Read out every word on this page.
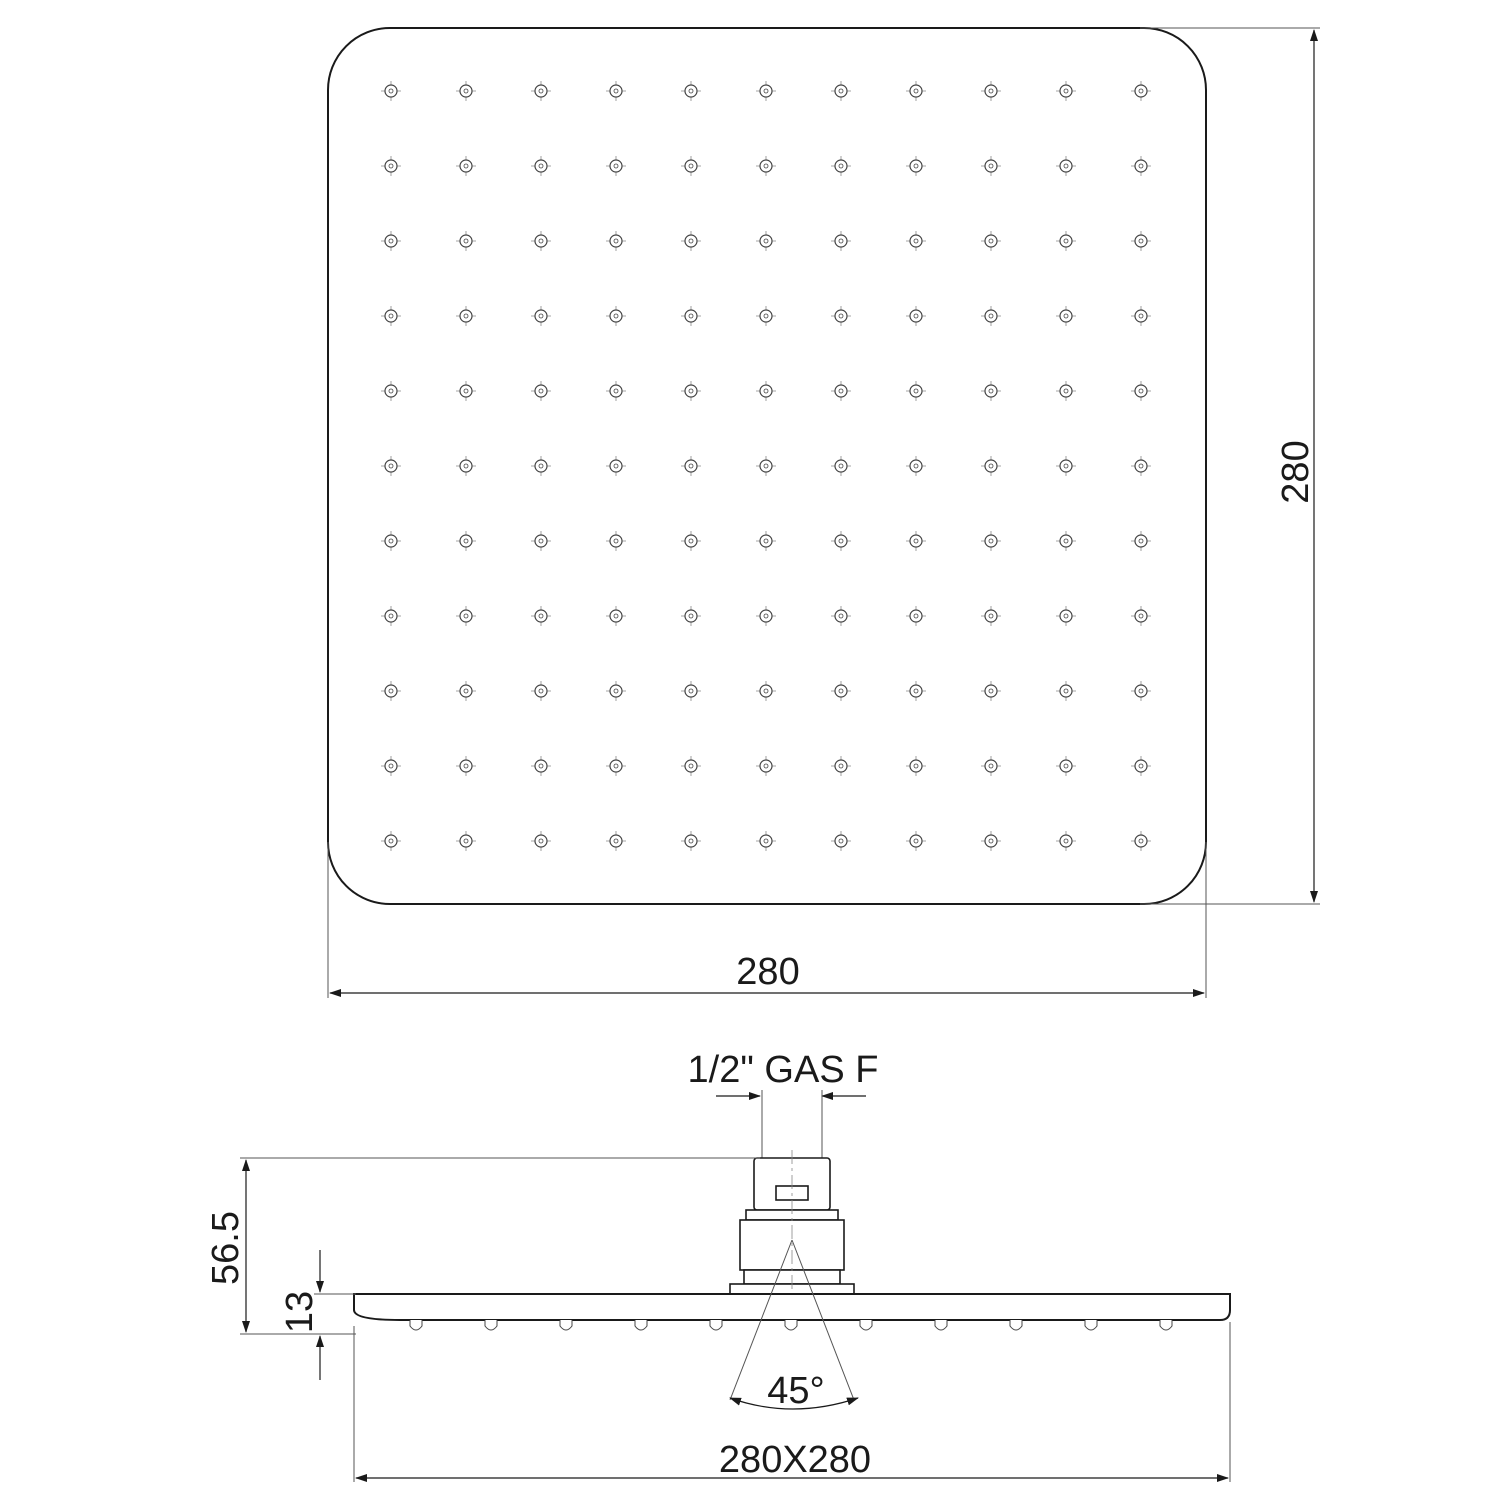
280
280
1/2" GAS F
45°
56.5
13
280X280
